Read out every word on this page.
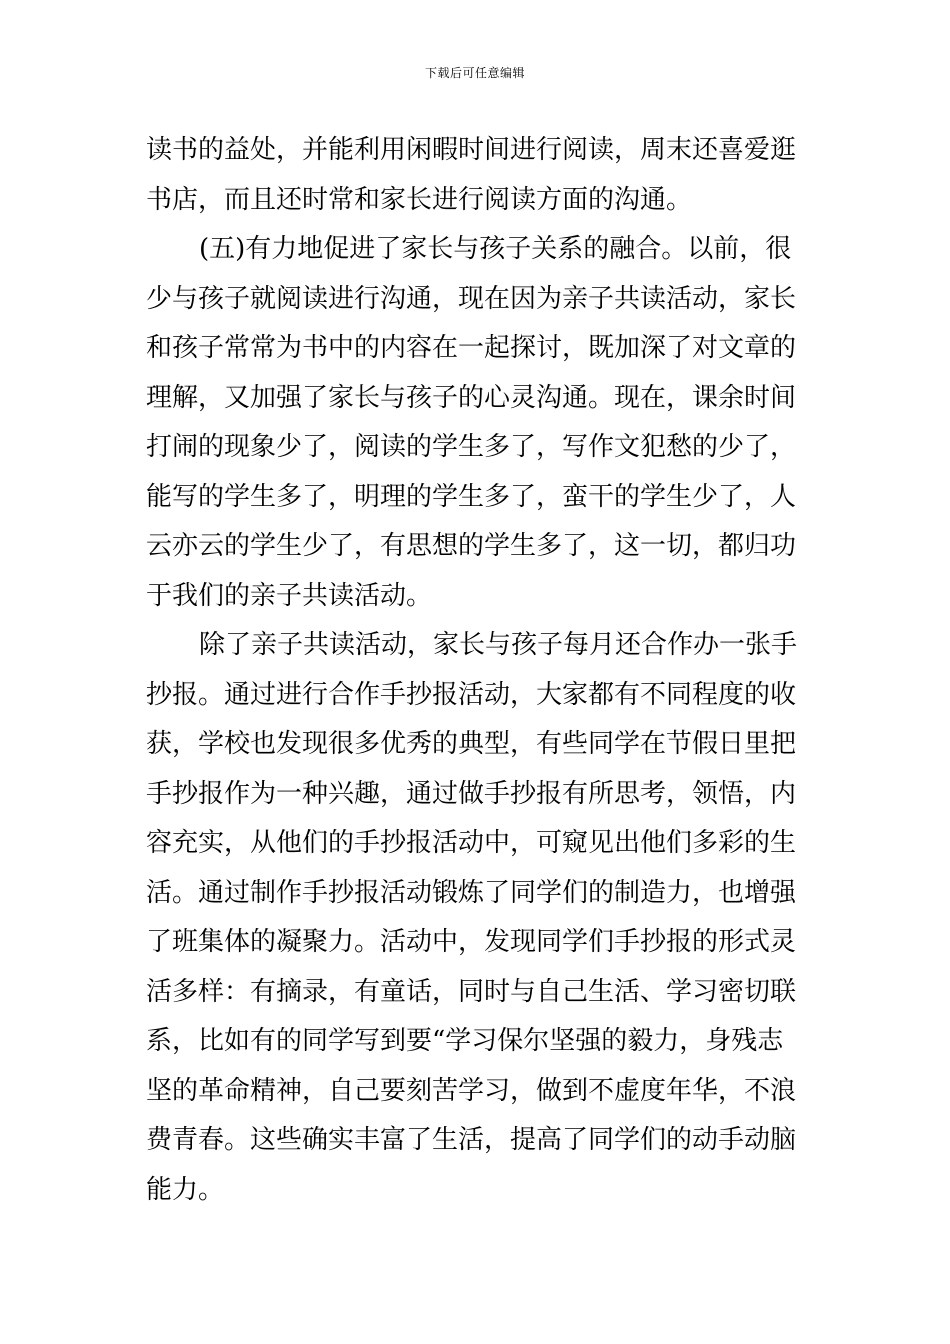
下载后可任意编辑
读书的益处，并能利用闲暇时间进行阅读，周末还喜爱逛
书店，而且还时常和家长进行阅读方面的沟通。
(五)有力地促进了家长与孩子关系的融合。以前，很
少与孩子就阅读进行沟通，现在因为亲子共读活动，家长
和孩子常常为书中的内容在一起探讨，既加深了对文章的
理解，又加强了家长与孩子的心灵沟通。现在，课余时间
打闹的现象少了，阅读的学生多了，写作文犯愁的少了，
能写的学生多了，明理的学生多了，蛮干的学生少了，人
云亦云的学生少了，有思想的学生多了，这一切，都归功
于我们的亲子共读活动。
除了亲子共读活动，家长与孩子每月还合作办一张手
抄报。通过进行合作手抄报活动，大家都有不同程度的收
获，学校也发现很多优秀的典型，有些同学在节假日里把
手抄报作为一种兴趣，通过做手抄报有所思考，领悟，内
容充实，从他们的手抄报活动中，可窥见出他们多彩的生
活。通过制作手抄报活动锻炼了同学们的制造力，也增强
了班集体的凝聚力。活动中，发现同学们手抄报的形式灵
活多样：有摘录，有童话，同时与自己生活、学习密切联
系，比如有的同学写到要“学习保尔坚强的毅力，身残志
坚的革命精神，自己要刻苦学习，做到不虚度年华，不浪
费青春。这些确实丰富了生活，提高了同学们的动手动脑
能力。
